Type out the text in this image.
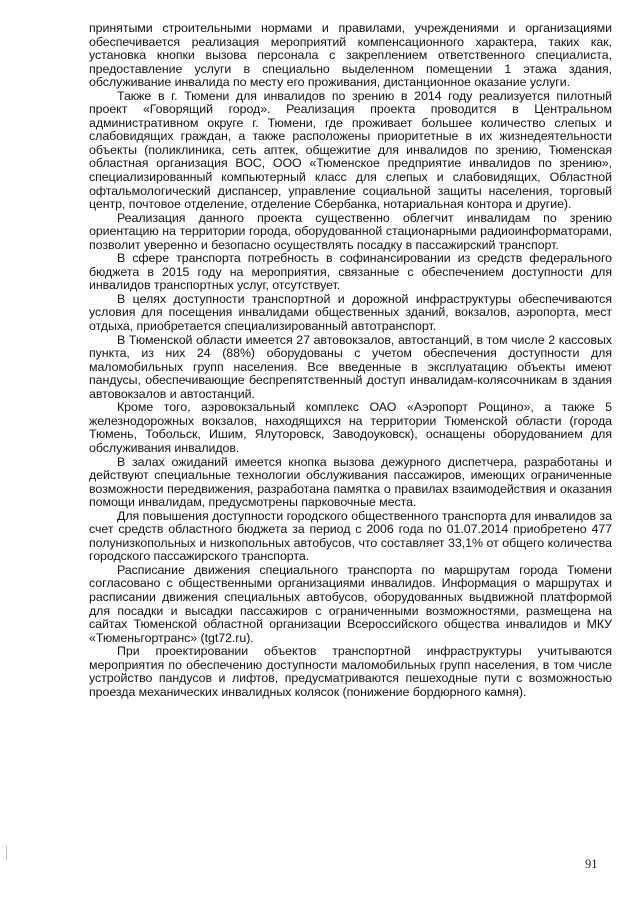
принятыми строительными нормами и правилами, учреждениями и организациями обеспечивается реализация мероприятий компенсационного характера, таких как, установка кнопки вызова персонала с закреплением ответственного специалиста, предоставление услуги в специально выделенном помещении 1 этажа здания, обслуживание инвалида по месту его проживания, дистанционное оказание услуги.

Также в г. Тюмени для инвалидов по зрению в 2014 году реализуется пилотный проект «Говорящий город». Реализация проекта проводится в Центральном административном округе г. Тюмени, где проживает большее количество слепых и слабовидящих граждан, а также расположены приоритетные в их жизнедеятельности объекты (поликлиника, сеть аптек, общежитие для инвалидов по зрению, Тюменская областная организация ВОС, ООО «Тюменское предприятие инвалидов по зрению», специализированный компьютерный класс для слепых и слабовидящих, Областной офтальмологический диспансер, управление социальной защиты населения, торговый центр, почтовое отделение, отделение Сбербанка, нотариальная контора и другие).

Реализация данного проекта существенно облегчит инвалидам по зрению ориентацию на территории города, оборудованной стационарными радиоинформаторами, позволит уверенно и безопасно осуществлять посадку в пассажирский транспорт.

В сфере транспорта потребность в софинансировании из средств федерального бюджета в 2015 году на мероприятия, связанные с обеспечением доступности для инвалидов транспортных услуг, отсутствует.

В целях доступности транспортной и дорожной инфраструктуры обеспечиваются условия для посещения инвалидами общественных зданий, вокзалов, аэропорта, мест отдыха, приобретается специализированный автотранспорт.

В Тюменской области имеется 27 автовокзалов, автостанций, в том числе 2 кассовых пункта, из них 24 (88%) оборудованы с учетом обеспечения доступности для маломобильных групп населения. Все введенные в эксплуатацию объекты имеют пандусы, обеспечивающие беспрепятственный доступ инвалидам-колясочникам в здания автовокзалов и автостанций.

Кроме того, аэровокзальный комплекс ОАО «Аэропорт Рощино», а также 5 железнодорожных вокзалов, находящихся на территории Тюменской области (города Тюмень, Тобольск, Ишим, Ялуторовск, Заводоуковск), оснащены оборудованием для обслуживания инвалидов.

В залах ожиданий имеется кнопка вызова дежурного диспетчера, разработаны и действуют специальные технологии обслуживания пассажиров, имеющих ограниченные возможности передвижения, разработана памятка о правилах взаимодействия и оказания помощи инвалидам, предусмотрены парковочные места.

Для повышения доступности городского общественного транспорта для инвалидов за счет средств областного бюджета за период с 2006 года по 01.07.2014 приобретено 477 полунизкопольных и низкопольных автобусов, что составляет 33,1% от общего количества городского пассажирского транспорта.

Расписание движения специального транспорта по маршрутам города Тюмени согласовано с общественными организациями инвалидов. Информация о маршрутах и расписании движения специальных автобусов, оборудованных выдвижной платформой для посадки и высадки пассажиров с ограниченными возможностями, размещена на сайтах Тюменской областной организации Всероссийского общества инвалидов и МКУ «Тюменьгортранс» (tgt72.ru).

При проектировании объектов транспортной инфраструктуры учитываются мероприятия по обеспечению доступности маломобильных групп населения, в том числе устройство пандусов и лифтов, предусматриваются пешеходные пути с возможностью проезда механических инвалидных колясок (понижение бордюрного камня).

91
